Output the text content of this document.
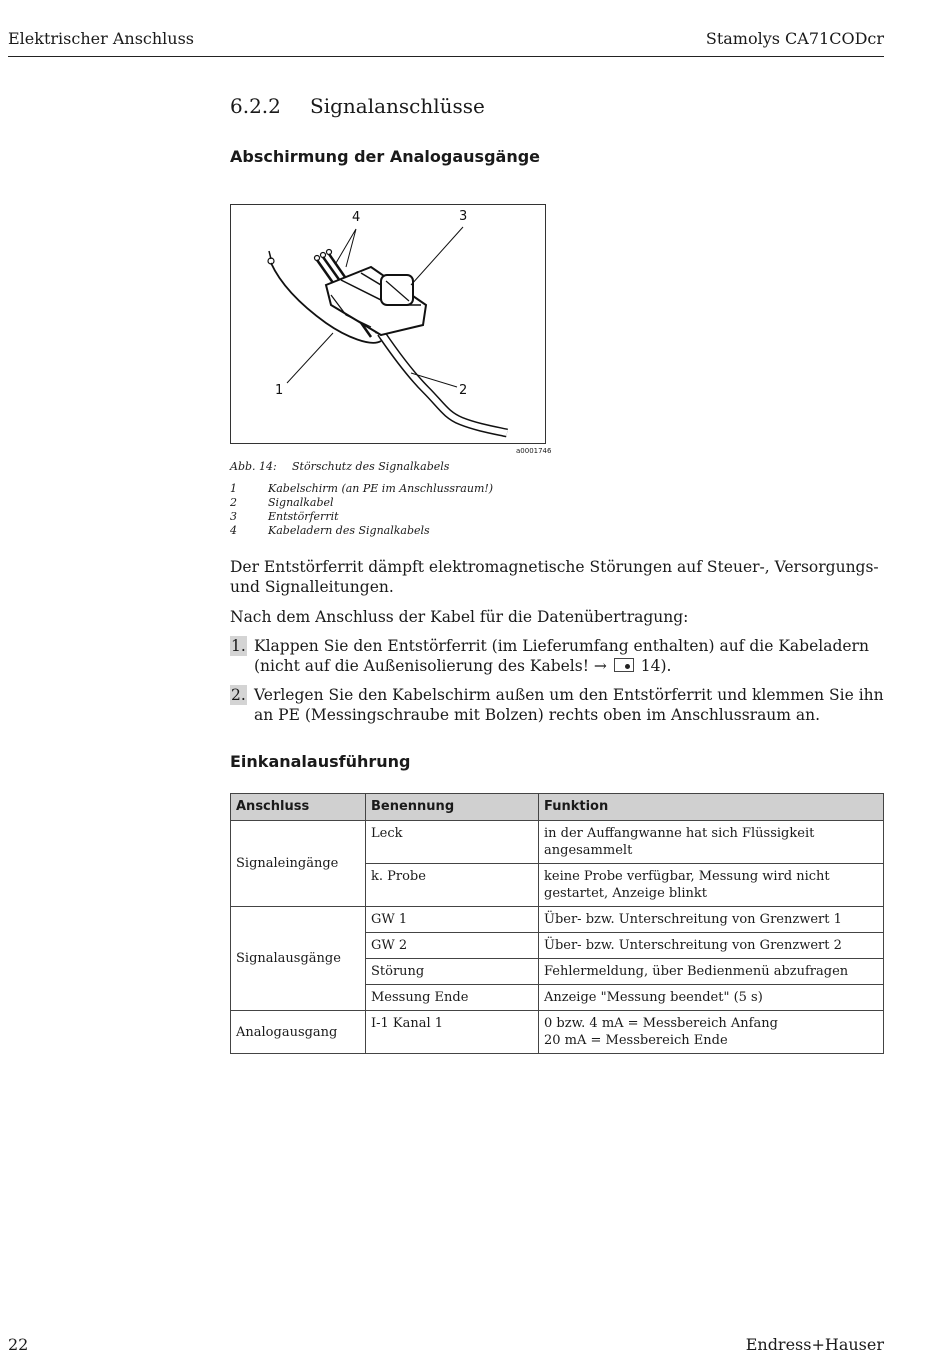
Elektrischer Anschluss	Stamolys CA71CODcr
6.2.2 Signalanschlüsse
Abschirmung der Analogausgänge
4	3
1	2
a0001746
Abb. 14: Störschutz des Signalkabels
1	Kabelschirm (an PE im Anschlussraum!)
2	Signalkabel
3	Entstörferrit
4	Kabeladern des Signalkabels
Der Entstörferrit dämpft elektromagnetische Störungen auf Steuer-, Versorgungs- und Signalleitungen.
Nach dem Anschluss der Kabel für die Datenübertragung:
1. Klappen Sie den Entstörferrit (im Lieferumfang enthalten) auf die Kabeladern (nicht auf die Außenisolierung des Kabels! → 14).
2. Verlegen Sie den Kabelschirm außen um den Entstörferrit und klemmen Sie ihn an PE (Messingschraube mit Bolzen) rechts oben im Anschlussraum an.
Einkanalausführung
Anschluss	Benennung	Funktion
Signaleingänge	Leck	in der Auffangwanne hat sich Flüssigkeit angesammelt
	k. Probe	keine Probe verfügbar, Messung wird nicht gestartet, Anzeige blinkt
Signalausgänge	GW 1	Über- bzw. Unterschreitung von Grenzwert 1
	GW 2	Über- bzw. Unterschreitung von Grenzwert 2
	Störung	Fehlermeldung, über Bedienmenü abzufragen
	Messung Ende	Anzeige "Messung beendet" (5 s)
Analogausgang	I-1 Kanal 1	0 bzw. 4 mA = Messbereich Anfang
20 mA = Messbereich Ende
22	Endress+Hauser
